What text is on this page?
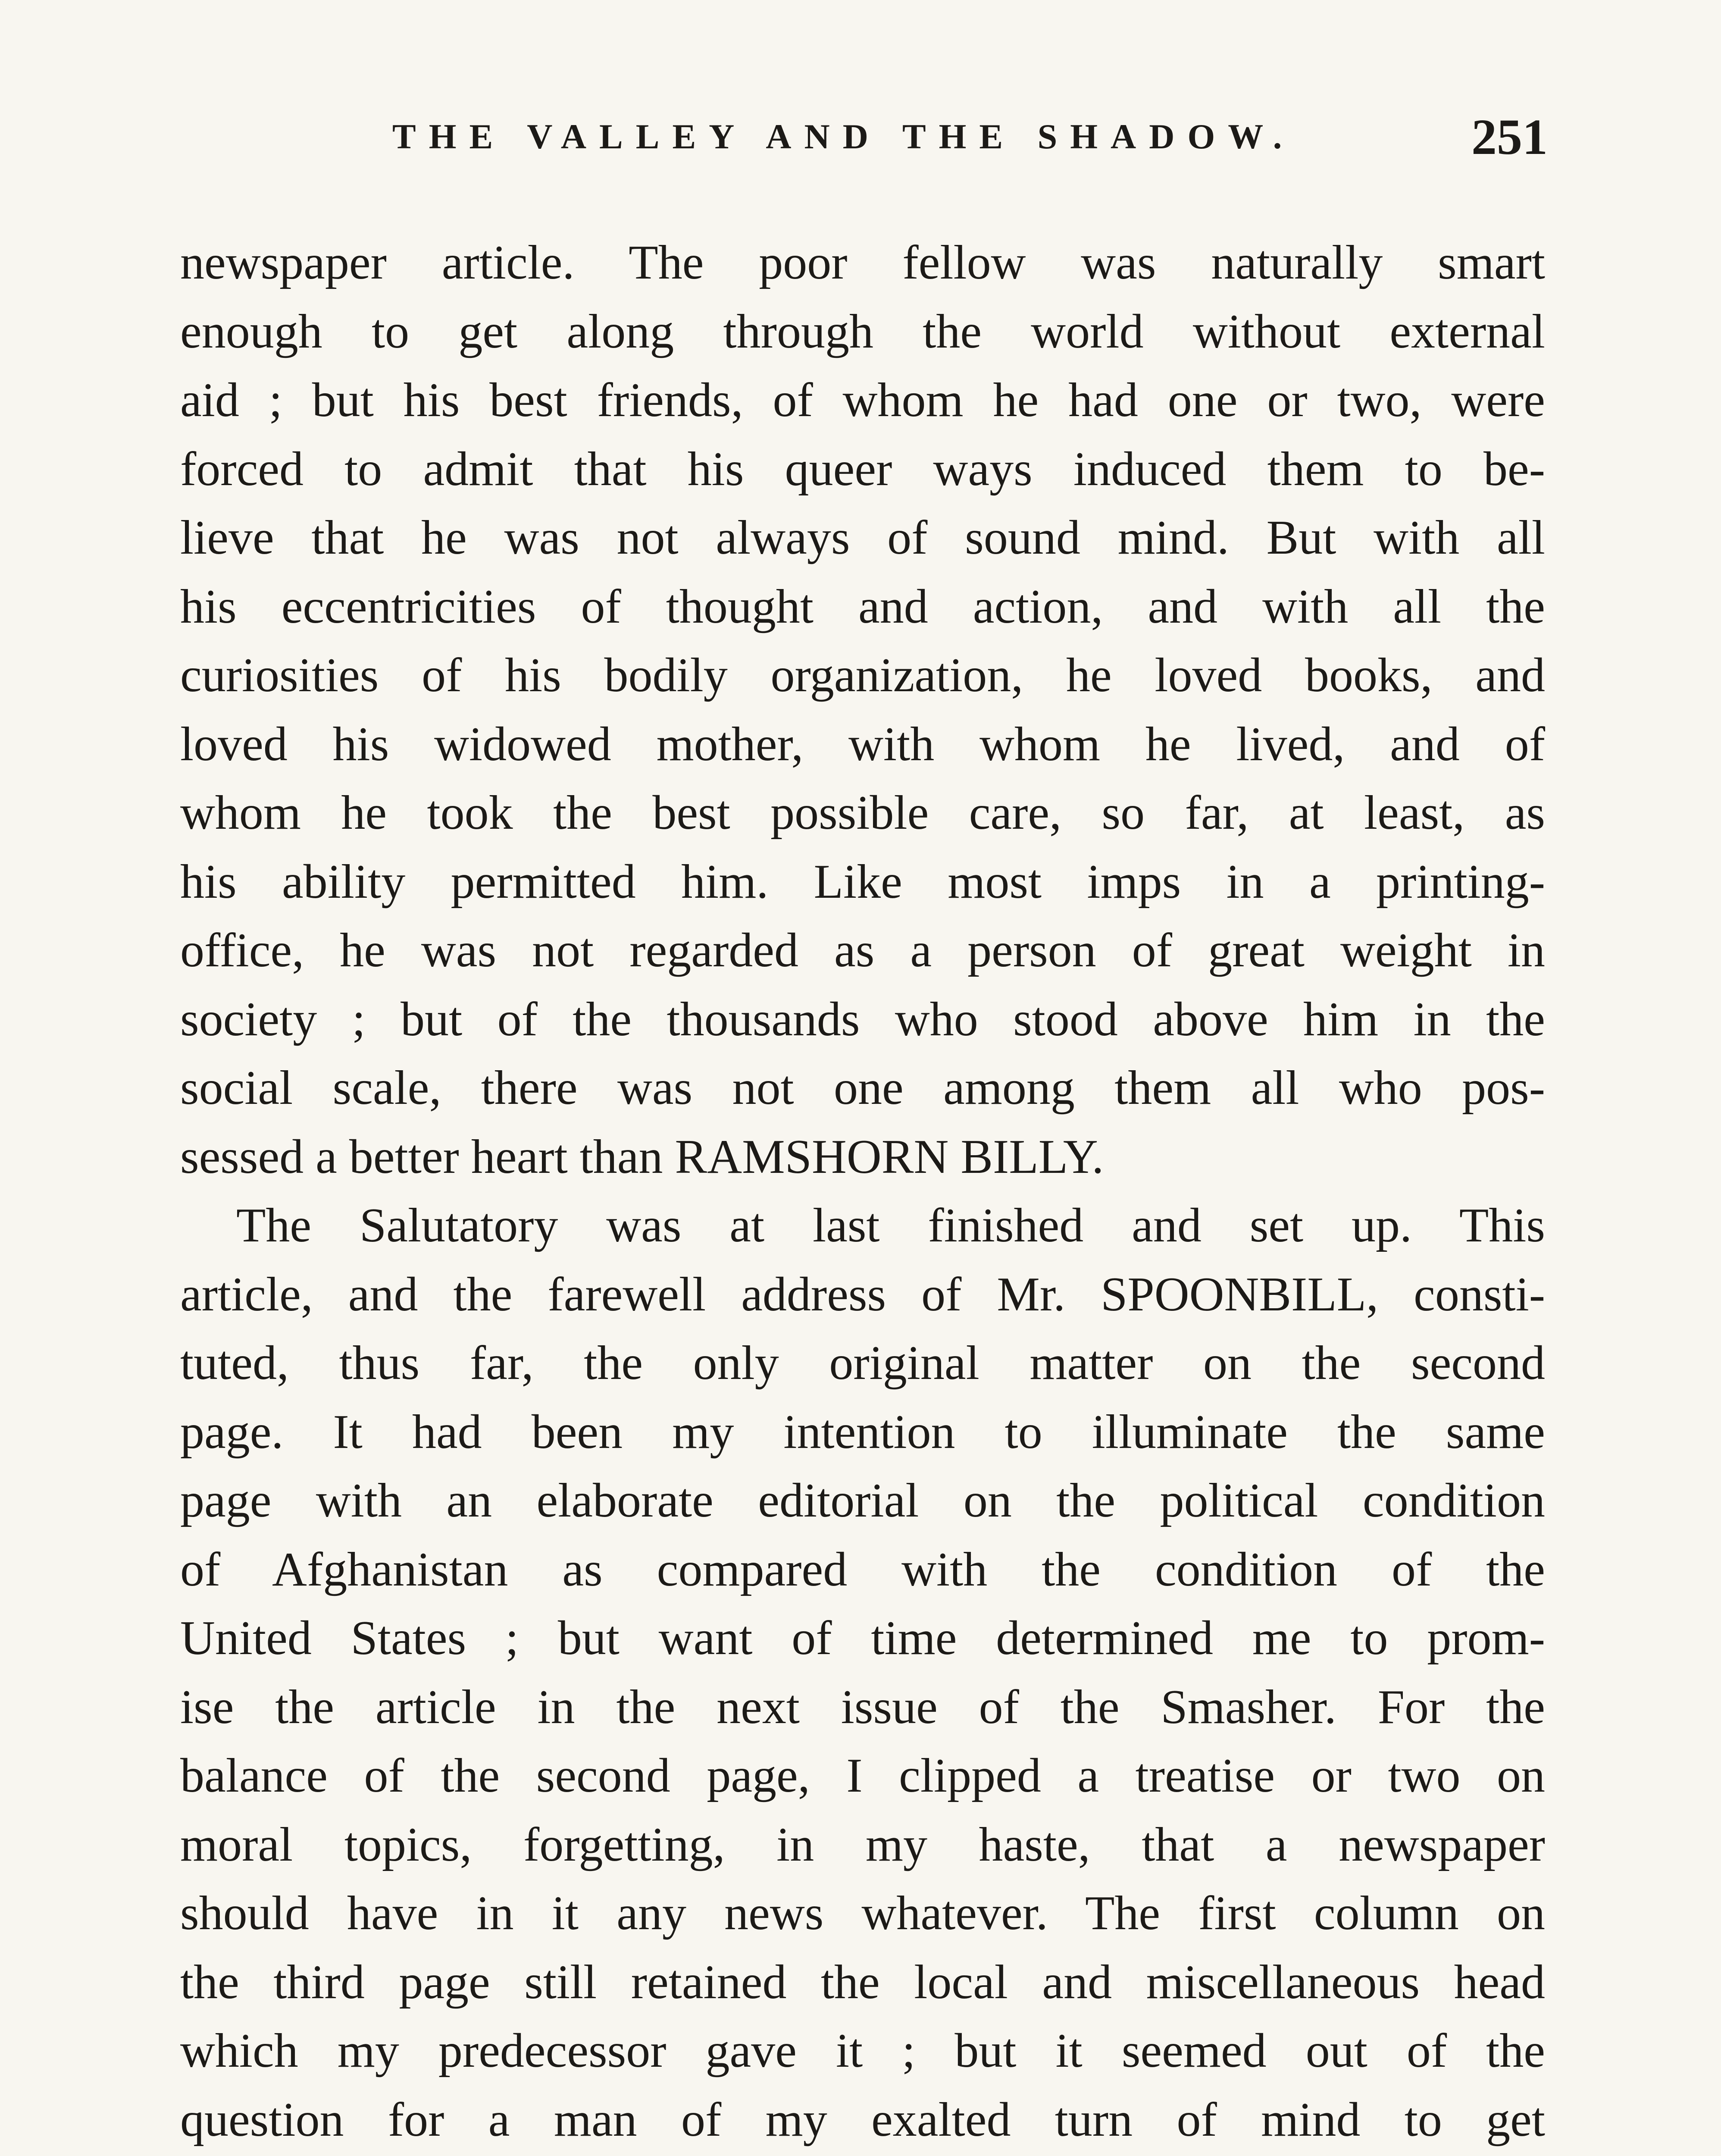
THE VALLEY AND THE SHADOW.	251
newspaper article. The poor fellow was naturally smart
enough to get along through the world without external
aid ; but his best friends, of whom he had one or two, were
forced to admit that his queer ways induced them to be-
lieve that he was not always of sound mind. But with all
his eccentricities of thought and action, and with all the
curiosities of his bodily organization, he loved books, and
loved his widowed mother, with whom he lived, and of
whom he took the best possible care, so far, at least, as
his ability permitted him. Like most imps in a printing-
office, he was not regarded as a person of great weight in
society ; but of the thousands who stood above him in the
social scale, there was not one among them all who pos-
sessed a better heart than RAMSHORN BILLY.
The Salutatory was at last finished and set up. This
article, and the farewell address of Mr. SPOONBILL, consti-
tuted, thus far, the only original matter on the second
page. It had been my intention to illuminate the same
page with an elaborate editorial on the political condition
of Afghanistan as compared with the condition of the
United States ; but want of time determined me to prom-
ise the article in the next issue of the Smasher. For the
balance of the second page, I clipped a treatise or two on
moral topics, forgetting, in my haste, that a newspaper
should have in it any news whatever. The first column on
the third page still retained the local and miscellaneous head
which my predecessor gave it ; but it seemed out of the
question for a man of my exalted turn of mind to get
